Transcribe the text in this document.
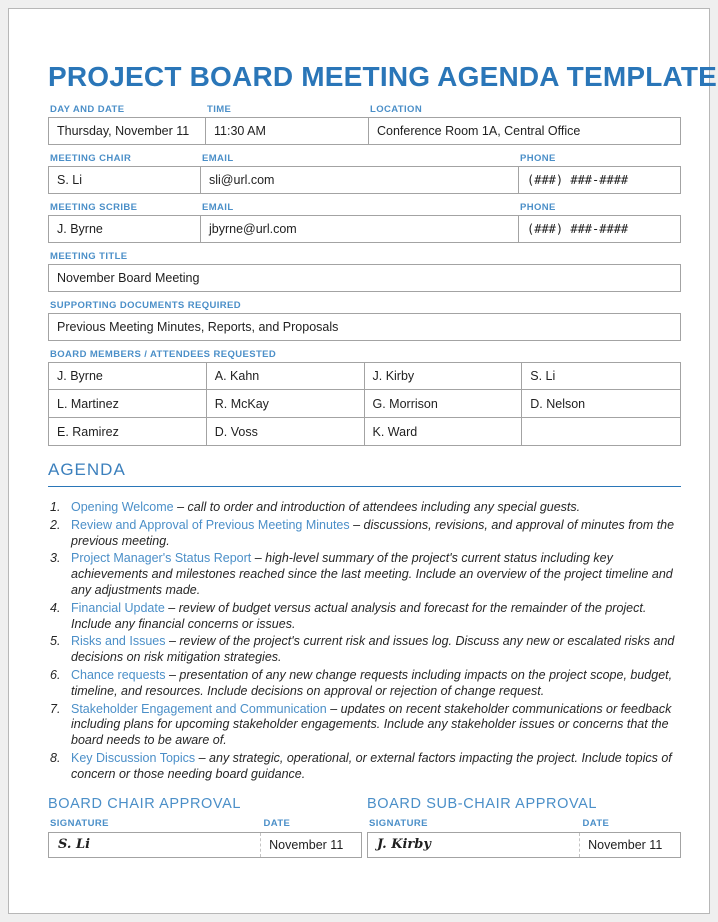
PROJECT BOARD MEETING AGENDA TEMPLATE
DAY AND DATE	TIME	LOCATION
Thursday, November 11	11:30 AM	Conference Room 1A, Central Office
MEETING CHAIR	EMAIL	PHONE
S. Li	sli@url.com	(###) ###-####
MEETING SCRIBE	EMAIL	PHONE
J. Byrne	jbyrne@url.com	(###) ###-####
MEETING TITLE
November Board Meeting
SUPPORTING DOCUMENTS REQUIRED
Previous Meeting Minutes, Reports, and Proposals
BOARD MEMBERS / ATTENDEES REQUESTED
J. Byrne	A. Kahn	J. Kirby	S. Li
L. Martinez	R. McKay	G. Morrison	D. Nelson
E. Ramirez	D. Voss	K. Ward
AGENDA
1. Opening Welcome – call to order and introduction of attendees including any special guests.
2. Review and Approval of Previous Meeting Minutes – discussions, revisions, and approval of minutes from the previous meeting.
3. Project Manager's Status Report – high-level summary of the project's current status including key achievements and milestones reached since the last meeting. Include an overview of the project timeline and any adjustments made.
4. Financial Update – review of budget versus actual analysis and forecast for the remainder of the project. Include any financial concerns or issues.
5. Risks and Issues – review of the project's current risk and issues log. Discuss any new or escalated risks and decisions on risk mitigation strategies.
6. Chance requests – presentation of any new change requests including impacts on the project scope, budget, timeline, and resources. Include decisions on approval or rejection of change request.
7. Stakeholder Engagement and Communication – updates on recent stakeholder communications or feedback including plans for upcoming stakeholder engagements. Include any stakeholder issues or concerns that the board needs to be aware of.
8. Key Discussion Topics – any strategic, operational, or external factors impacting the project. Include topics of concern or those needing board guidance.
BOARD CHAIR APPROVAL
SIGNATURE	DATE
S. Li	November 11
BOARD SUB-CHAIR APPROVAL
SIGNATURE	DATE
J. Kirby	November 11
